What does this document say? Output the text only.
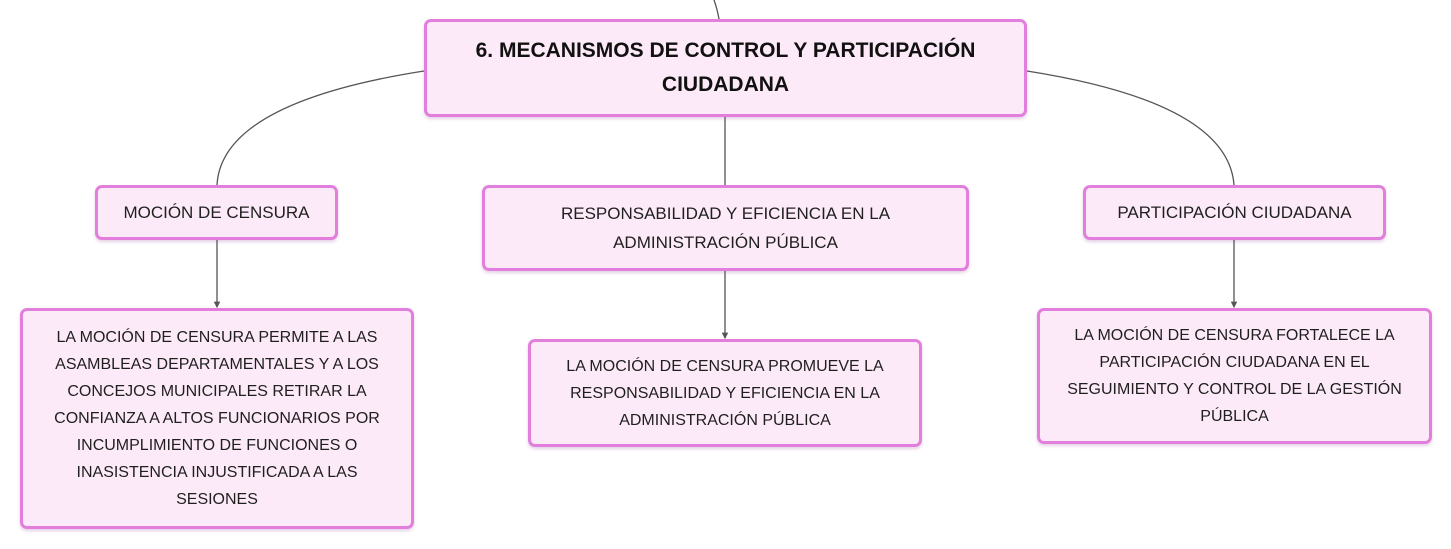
6. MECANISMOS DE CONTROL Y PARTICIPACIÓN CIUDADANA
MOCIÓN DE CENSURA	RESPONSABILIDAD Y EFICIENCIA EN LA ADMINISTRACIÓN PÚBLICA
PARTICIPACIÓN CIUDADANA
LA MOCIÓN DE CENSURA PERMITE A LAS ASAMBLEAS DEPARTAMENTALES Y A LOS CONCEJOS MUNICIPALES RETIRAR LA CONFIANZA A ALTOS FUNCIONARIOS POR INCUMPLIMIENTO DE FUNCIONES O INASISTENCIA INJUSTIFICADA A LAS SESIONES
LA MOCIÓN DE CENSURA PROMUEVE LA RESPONSABILIDAD Y EFICIENCIA EN LA ADMINISTRACIÓN PÚBLICA
LA MOCIÓN DE CENSURA FORTALECE LA PARTICIPACIÓN CIUDADANA EN EL SEGUIMIENTO Y CONTROL DE LA GESTIÓN PÚBLICA
